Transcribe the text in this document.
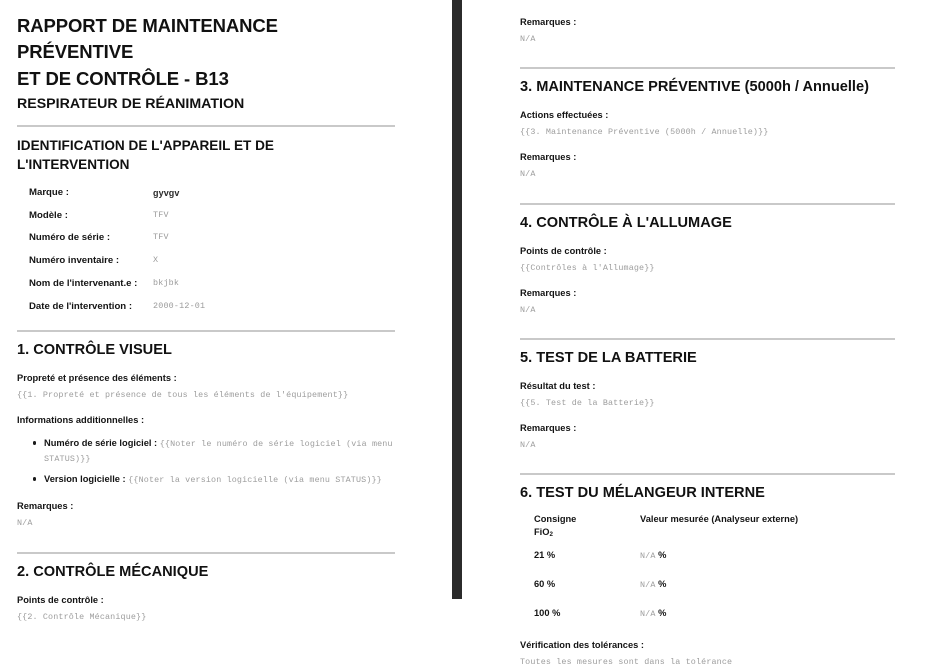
RAPPORT DE MAINTENANCE PRÉVENTIVE
ET DE CONTRÔLE - B13
RESPIRATEUR DE RÉANIMATION
IDENTIFICATION DE L'APPAREIL ET DE
L'INTERVENTION
Marque :	gyvgv
Modèle :	TFV
Numéro de série :	TFV
Numéro inventaire :	X
Nom de l'intervenant.e :	bkjbk
Date de l'intervention :	2000-12-01
1. CONTRÔLE VISUEL
Propreté et présence des éléments :
{{1. Propreté et présence de tous les éléments de l'équipement}}
Informations additionnelles :
Numéro de série logiciel : {{Noter le numéro de série logiciel (via menu STATUS)}}
Version logicielle : {{Noter la version logicielle (via menu STATUS)}}
Remarques :
N/A
2. CONTRÔLE MÉCANIQUE
Points de contrôle :
{{2. Contrôle Mécanique}}
Remarques :
N/A
3. MAINTENANCE PRÉVENTIVE (5000h / Annuelle)
Actions effectuées :
{{3. Maintenance Préventive (5000h / Annuelle)}}
Remarques :
N/A
4. CONTRÔLE À L'ALLUMAGE
Points de contrôle :
{{Contrôles à l'Allumage}}
Remarques :
N/A
5. TEST DE LA BATTERIE
Résultat du test :
{{5. Test de la Batterie}}
Remarques :
N/A
6. TEST DU MÉLANGEUR INTERNE
Consigne
FiO$_2$	Valeur mesurée (Analyseur externe)
21 %	N/A %
60 %	N/A %
100 %	N/A %
Vérification des tolérances :
Toutes les mesures sont dans la tolérance
